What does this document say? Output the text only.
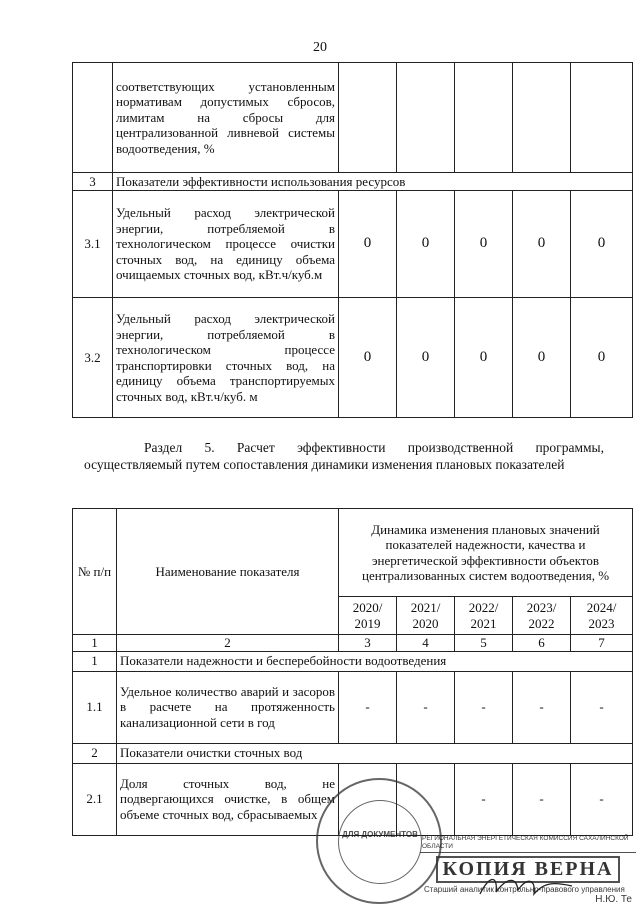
20
	соответствующих установленным нормативам допустимых сбросов, лимитам на сбросы для централизованной ливневой системы водоотведения, %					
3	Показатели эффективности использования ресурсов					
3.1	Удельный расход электрической энергии, потребляемой в технологическом процессе очистки сточных вод, на единицу объема очищаемых сточных вод, кВт.ч/куб.м	0	0	0	0	0
3.2	Удельный расход электрической энергии, потребляемой в технологическом процессе транспортировки сточных вод, на единицу объема транспортируемых сточных вод, кВт.ч/куб. м	0	0	0	0	0
Раздел 5. Расчет эффективности производственной программы, осуществляемый путем сопоставления динамики изменения плановых показателей
№ п/п	Наименование показателя	Динамика изменения плановых значений показателей надежности, качества и энергетической эффективности объектов централизованных систем водоотведения, %				
		2020/ 2019	2021/ 2020	2022/ 2021	2023/ 2022	2024/ 2023
1	2	3	4	5	6	7
1	Показатели надежности и бесперебойности водоотведения					
1.1	Удельное количество аварий и засоров в расчете на протяженность канализационной сети в год	-	-	-	-	-
2	Показатели очистки сточных вод					
2.1	Доля сточных вод, не подвергающихся очистке, в общем объеме сточных вод, сбрасываемых			-	-	-
ДЛЯ ДОКУМЕНТОВ РЕГИОНАЛЬНАЯ ЭНЕРГЕТИЧЕСКАЯ КОМИССИЯ САХАЛИНСКОЙ ОБЛАСТИ
КОПИЯ ВЕРНА
Старший аналитик контрольно-правового управления
Н.Ю. Те
